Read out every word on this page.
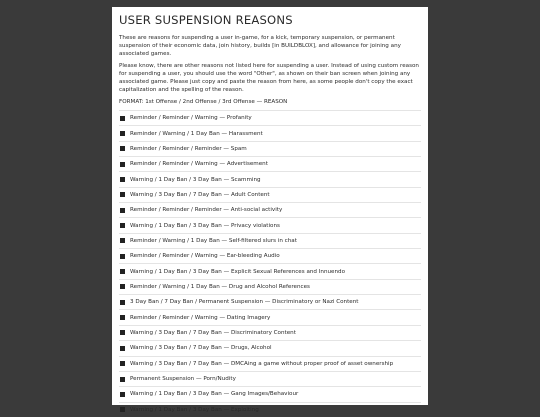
USER SUSPENSION REASONS

These are reasons for suspending a user in-game, for a kick, temporary suspension, or permanent suspension of their economic data, join history, builds [in BUILDBLOX], and allowance for joining any associated games.

Please know, there are other reasons not listed here for suspending a user. Instead of using custom reason for suspending a user, you should use the word "Other", as shown on their ban screen when joining any associated game. Please just copy and paste the reason from here, as some people don't copy the exact capitalization and the spelling of the reason.

FORMAT: 1st Offense / 2nd Offense / 3rd Offense — REASON

Reminder / Reminder / Warning — Profanity
Reminder / Warning / 1 Day Ban — Harassment
Reminder / Reminder / Reminder — Spam
Reminder / Reminder / Warning — Advertisement
Warning / 1 Day Ban / 3 Day Ban — Scamming
Warning / 3 Day Ban / 7 Day Ban — Adult Content
Reminder / Reminder / Reminder — Anti-social activity
Warning / 1 Day Ban / 3 Day Ban — Privacy violations
Reminder / Warning / 1 Day Ban — Self-filtered slurs in chat
Reminder / Reminder / Warning — Ear-bleeding Audio
Warning / 1 Day Ban / 3 Day Ban — Explicit Sexual References and Innuendo
Reminder / Warning / 1 Day Ban — Drug and Alcohol References
3 Day Ban / 7 Day Ban / Permanent Suspension — Discriminatory or Nazi Content
Reminder / Reminder / Warning — Dating Imagery
Warning / 3 Day Ban / 7 Day Ban — Discriminatory Content
Warning / 3 Day Ban / 7 Day Ban — Drugs, Alcohol
Warning / 3 Day Ban / 7 Day Ban — DMCAing a game without proper proof of asset ownership
Permanent Suspension — Porn/Nudity
Warning / 1 Day Ban / 3 Day Ban — Gang Images/Behaviour
Warning / 1 Day Ban / 3 Day Ban — Exploiting
